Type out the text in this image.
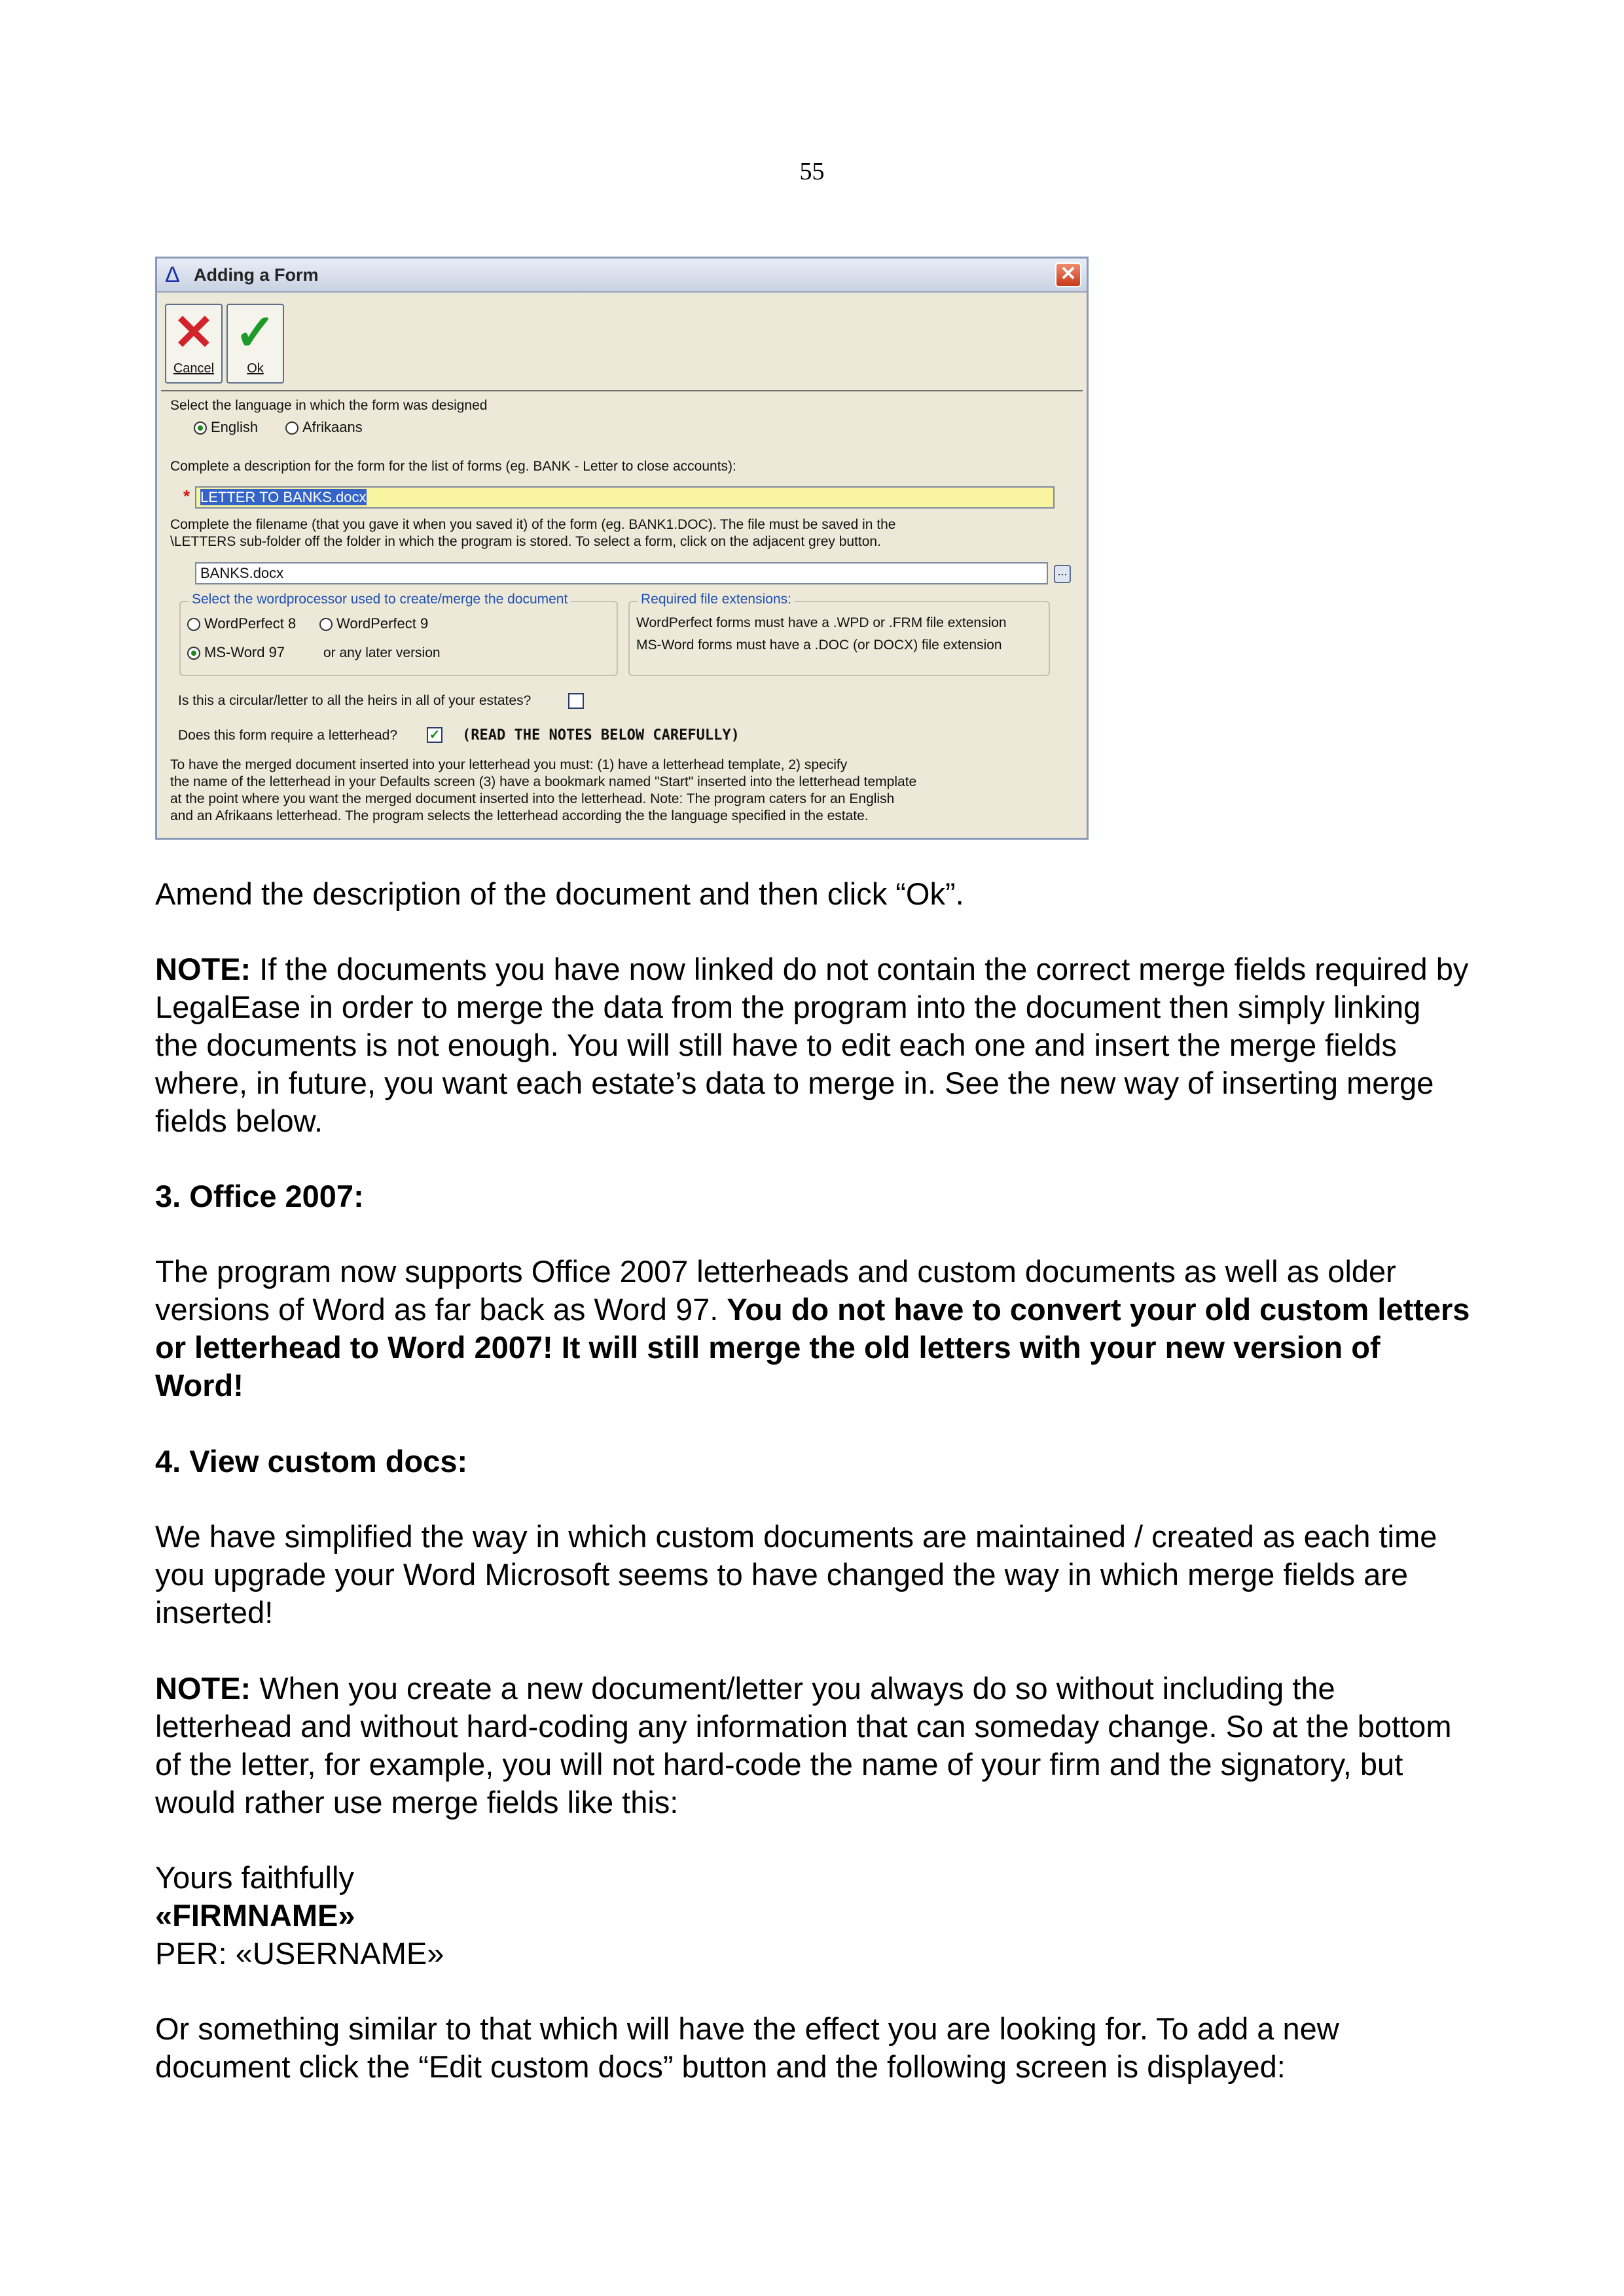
55
Δ Adding a Form	✕
✕
Cancel
✓
Ok
Select the language in which the form was designed
English	Afrikaans
Complete a description for the form for the list of forms (eg. BANK - Letter to close accounts):
* LETTER TO BANKS.docx
Complete the filename (that you gave it when you saved it) of the form (eg. BANK1.DOC). The file must be saved in the
\LETTERS sub-folder off the folder in which the program is stored. To select a form, click on the adjacent grey button.
BANKS.docx	...
Select the wordprocessor used to create/merge the document
WordPerfect 8	WordPerfect 9
MS-Word 97	or any later version
Required file extensions:
WordPerfect forms must have a .WPD or .FRM file extension
MS-Word forms must have a .DOC (or DOCX) file extension
Is this a circular/letter to all the heirs in all of your estates?
Does this form require a letterhead? ✓ (READ THE NOTES BELOW CAREFULLY)
To have the merged document inserted into your letterhead you must: (1) have a letterhead template, 2) specify
the name of the letterhead in your Defaults screen (3) have a bookmark named "Start" inserted into the letterhead template
at the point where you want the merged document inserted into the letterhead. Note: The program caters for an English
and an Afrikaans letterhead. The program selects the letterhead according the the language specified in the estate.

Amend the description of the document and then click “Ok”.

NOTE: If the documents you have now linked do not contain the correct merge fields required by LegalEase in order to merge the data from the program into the document then simply linking the documents is not enough. You will still have to edit each one and insert the merge fields where, in future, you want each estate’s data to merge in. See the new way of inserting merge fields below.

3. Office 2007:

The program now supports Office 2007 letterheads and custom documents as well as older versions of Word as far back as Word 97. You do not have to convert your old custom letters or letterhead to Word 2007! It will still merge the old letters with your new version of Word!

4. View custom docs:

We have simplified the way in which custom documents are maintained / created as each time you upgrade your Word Microsoft seems to have changed the way in which merge fields are inserted!

NOTE: When you create a new document/letter you always do so without including the letterhead and without hard-coding any information that can someday change. So at the bottom of the letter, for example, you will not hard-code the name of your firm and the signatory, but would rather use merge fields like this:

Yours faithfully
«FIRMNAME»

PER: «USERNAME»

Or something similar to that which will have the effect you are looking for. To add a new document click the “Edit custom docs” button and the following screen is displayed:
